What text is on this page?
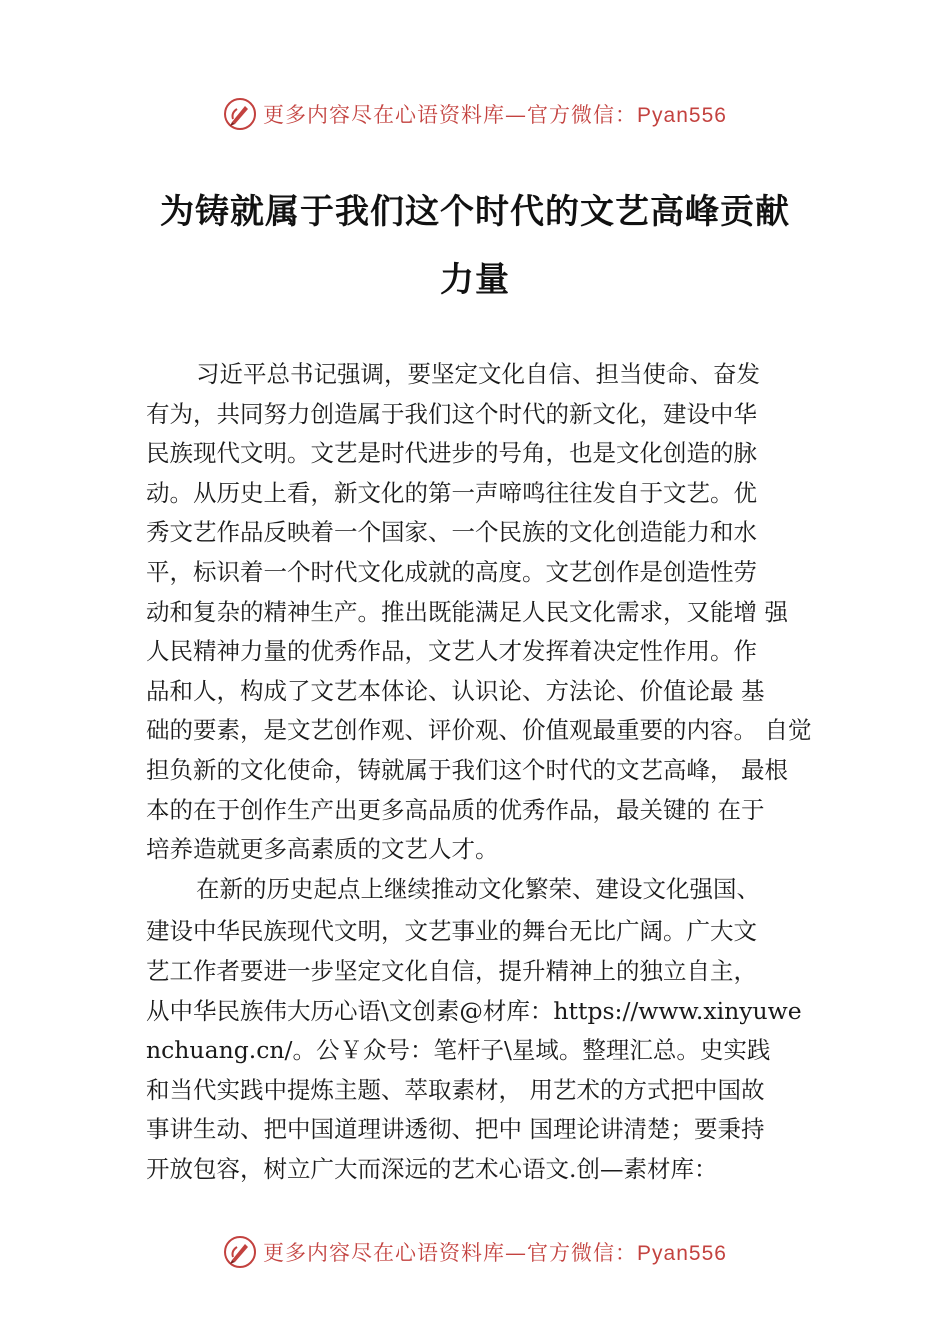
更多内容尽在心语资料库—官方微信：Pyan556
为铸就属于我们这个时代的文艺高峰贡献
力量
习近平总书记强调，要坚定文化自信、担当使命、奋发
有为，共同努力创造属于我们这个时代的新文化，建设中华
民族现代文明。文艺是时代进步的号角，也是文化创造的脉
动。从历史上看，新文化的第一声啼鸣往往发自于文艺。优
秀文艺作品反映着一个国家、一个民族的文化创造能力和水
平，标识着一个时代文化成就的高度。文艺创作是创造性劳
动和复杂的精神生产。推出既能满足人民文化需求，又能增 强
人民精神力量的优秀作品，文艺人才发挥着决定性作用。作
品和人，构成了文艺本体论、认识论、方法论、价值论最 基
础的要素，是文艺创作观、评价观、价值观最重要的内容。 自觉
担负新的文化使命，铸就属于我们这个时代的文艺高峰， 最根
本的在于创作生产出更多高品质的优秀作品，最关键的 在于
培养造就更多高素质的文艺人才。
在新的历史起点上继续推动文化繁荣、建设文化强国、
建设中华民族现代文明，文艺事业的舞台无比广阔。广大文
艺工作者要进一步坚定文化自信，提升精神上的独立自主，
从中华民族伟大历心语\文创素@材库：https://www.xinyuwe
nchuang.cn/。公￥众号：笔杆子\星域。整理汇总。史实践
和当代实践中提炼主题、萃取素材， 用艺术的方式把中国故
事讲生动、把中国道理讲透彻、把中 国理论讲清楚；要秉持
开放包容，树立广大而深远的艺术心语文.创—素材库：
更多内容尽在心语资料库—官方微信：Pyan556
